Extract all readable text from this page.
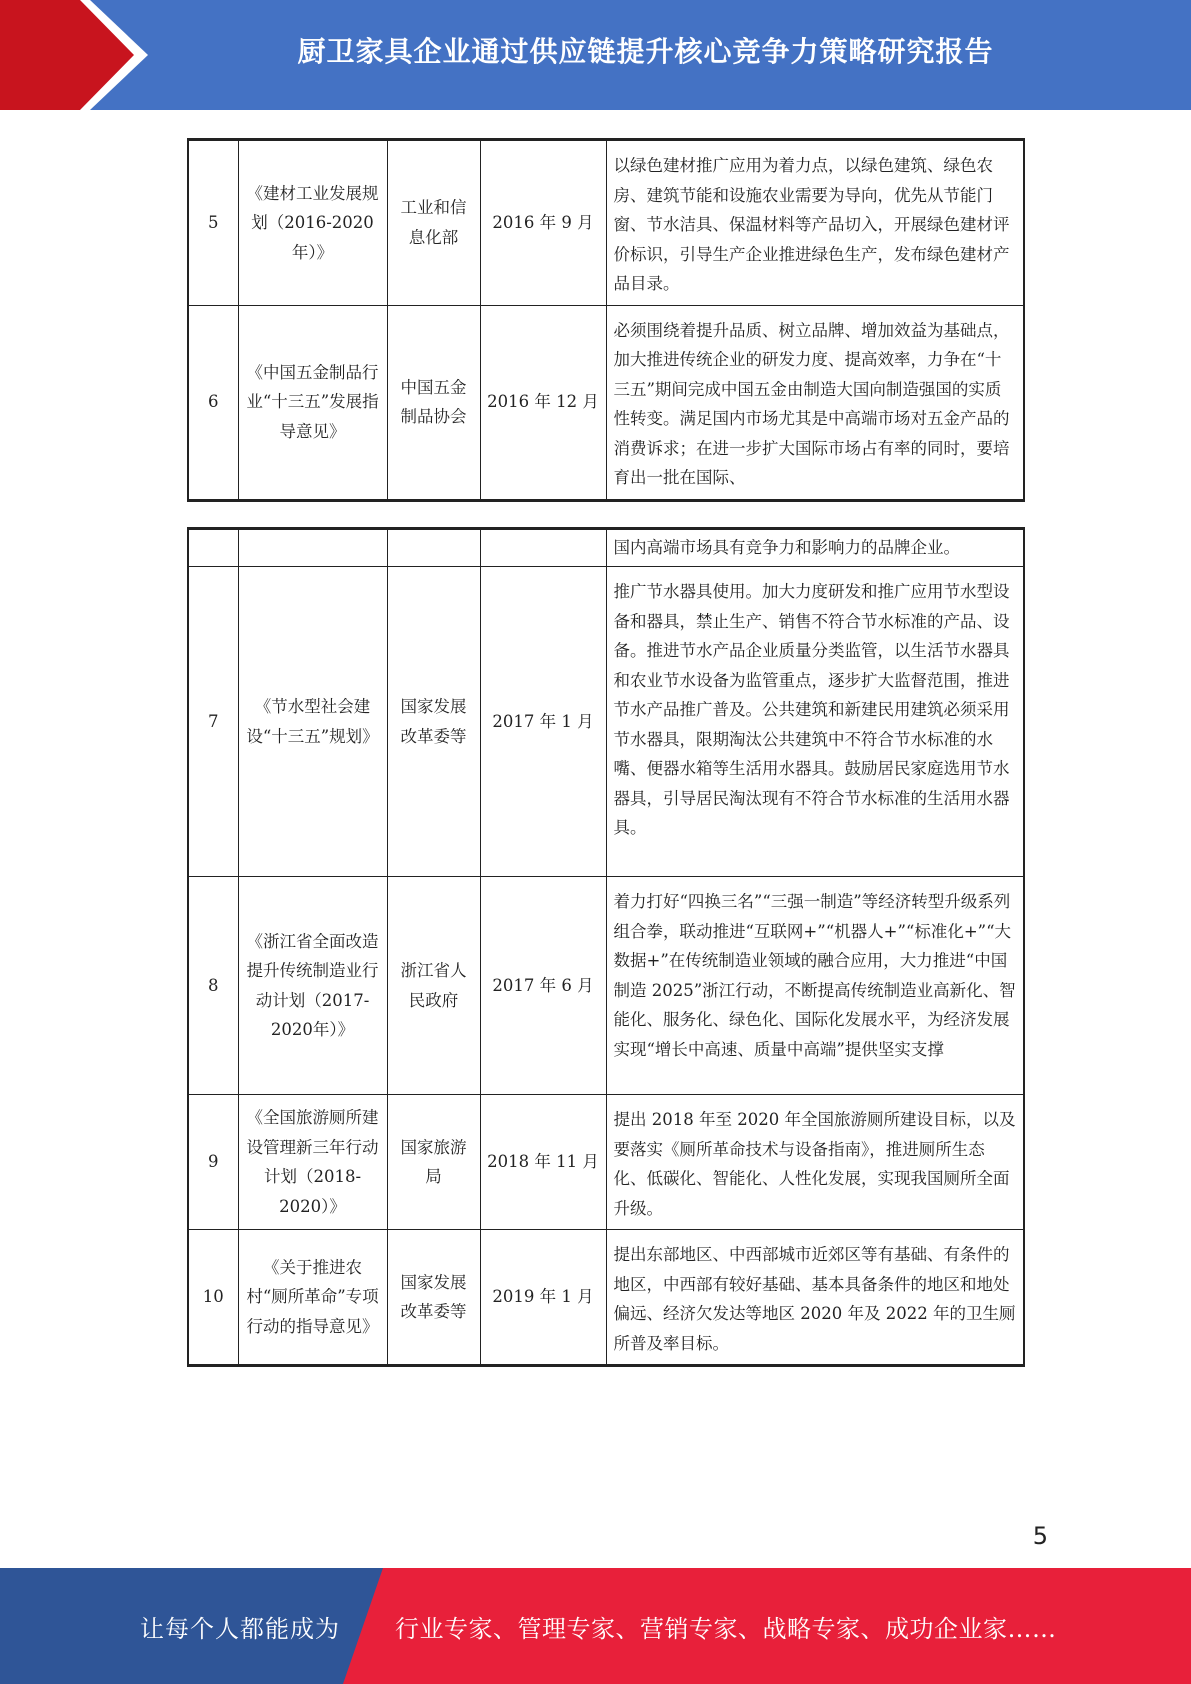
厨卫家具企业通过供应链提升核心竞争力策略研究报告
5	《建材工业发展规划（2016-2020年）》	工业和信息化部	2016 年 9 月	以绿色建材推广应用为着力点，以绿色建筑、绿色农房、建筑节能和设施农业需要为导向，优先从节能门窗、节水洁具、保温材料等产品切入，开展绿色建材评价标识，引导生产企业推进绿色生产，发布绿色建材产品目录。
6	《中国五金制品行业“十三五”发展指导意见》	中国五金制品协会	2016 年 12 月	必须围绕着提升品质、树立品牌、增加效益为基础点，加大推进传统企业的研发力度、提高效率，力争在“十三五”期间完成中国五金由制造大国向制造强国的实质性转变。满足国内市场尤其是中高端市场对五金产品的消费诉求；在进一步扩大国际市场占有率的同时，要培育出一批在国际、
				国内高端市场具有竞争力和影响力的品牌企业。
7	《节水型社会建设“十三五”规划》	国家发展改革委等	2017 年 1 月	推广节水器具使用。加大力度研发和推广应用节水型设备和器具，禁止生产、销售不符合节水标准的产品、设备。推进节水产品企业质量分类监管，以生活节水器具和农业节水设备为监管重点，逐步扩大监督范围，推进节水产品推广普及。公共建筑和新建民用建筑必须采用节水器具，限期淘汰公共建筑中不符合节水标准的水嘴、便器水箱等生活用水器具。鼓励居民家庭选用节水器具，引导居民淘汰现有不符合节水标准的生活用水器具。
8	《浙江省全面改造提升传统制造业行动计划（2017-2020年）》	浙江省人民政府	2017 年 6 月	着力打好“四换三名”“三强一制造”等经济转型升级系列组合拳，联动推进“互联网+”“机器人+”“标准化+”“大数据+”在传统制造业领域的融合应用，大力推进“中国制造 2025”浙江行动，不断提高传统制造业高新化、智能化、服务化、绿色化、国际化发展水平，为经济发展实现“增长中高速、质量中高端”提供坚实支撑
9	《全国旅游厕所建设管理新三年行动计划（2018-2020）》	国家旅游局	2018 年 11 月	提出 2018 年至 2020 年全国旅游厕所建设目标，以及要落实《厕所革命技术与设备指南》，推进厕所生态化、低碳化、智能化、人性化发展，实现我国厕所全面升级。
10	《关于推进农村“厕所革命”专项行动的指导意见》	国家发展改革委等	2019 年 1 月	提出东部地区、中西部城市近郊区等有基础、有条件的地区，中西部有较好基础、基本具备条件的地区和地处偏远、经济欠发达等地区 2020 年及 2022 年的卫生厕所普及率目标。
5
让每个人都能成为	行业专家、管理专家、营销专家、战略专家、成功企业家……
